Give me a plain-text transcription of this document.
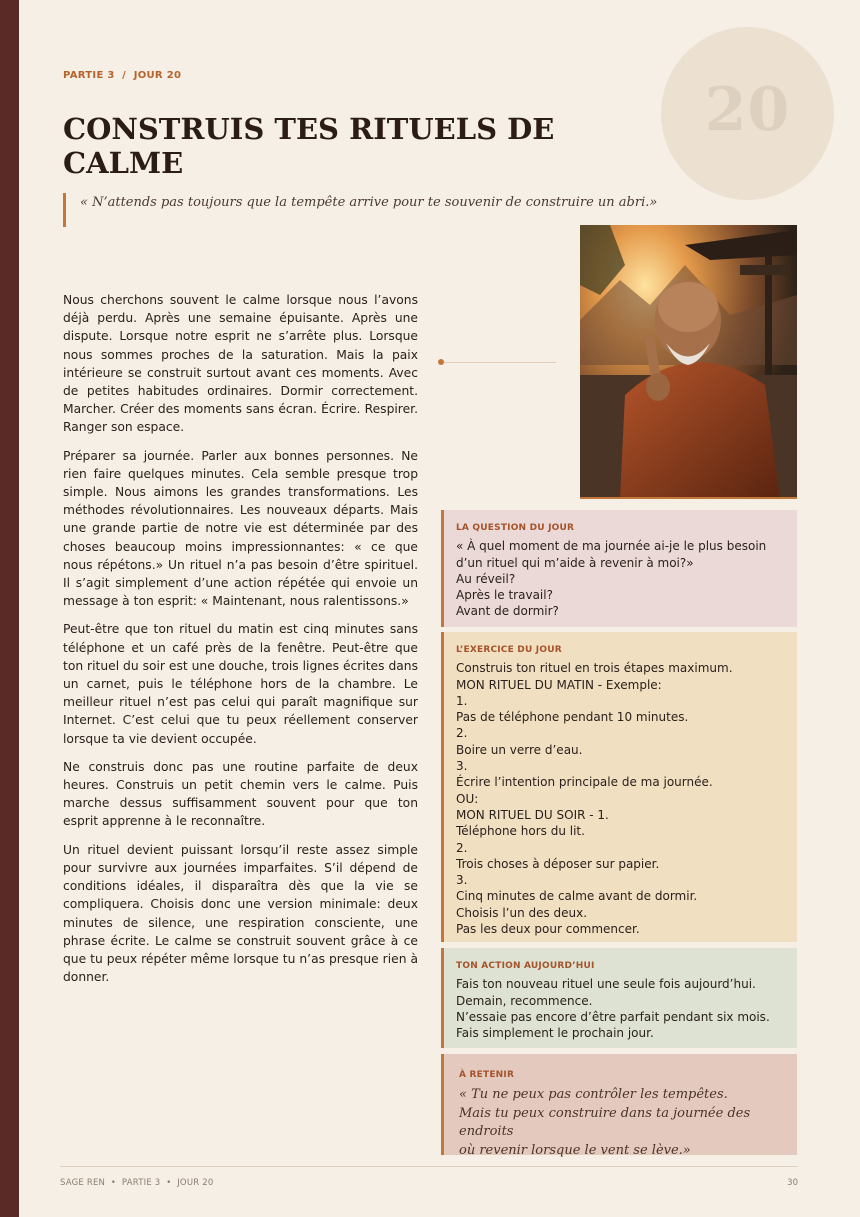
20
PARTIE 3  /  JOUR 20
CONSTRUIS TES RITUELS DE CALME
« N’attends pas toujours que la tempête arrive pour te souvenir de construire un abri.»

Nous cherchons souvent le calme lorsque nous l’avons déjà perdu. Après une semaine épuisante. Après une dispute. Lorsque notre esprit ne s’arrête plus. Lorsque nous sommes proches de la saturation. Mais la paix intérieure se construit surtout avant ces moments. Avec de petites habitudes ordinaires. Dormir correctement. Marcher. Créer des moments sans écran. Écrire. Respirer. Ranger son espace.

Préparer sa journée. Parler aux bonnes personnes. Ne rien faire quelques minutes. Cela semble presque trop simple. Nous aimons les grandes transformations. Les méthodes révolutionnaires. Les nouveaux départs. Mais une grande partie de notre vie est déterminée par des choses beaucoup moins impressionnantes: « ce que nous répétons.» Un rituel n’a pas besoin d’être spirituel. Il s’agit simplement d’une action répétée qui envoie un message à ton esprit: « Maintenant, nous ralentissons.»

Peut-être que ton rituel du matin est cinq minutes sans téléphone et un café près de la fenêtre. Peut-être que ton rituel du soir est une douche, trois lignes écrites dans un carnet, puis le téléphone hors de la chambre. Le meilleur rituel n’est pas celui qui paraît magnifique sur Internet. C’est celui que tu peux réellement conserver lorsque ta vie devient occupée.

Ne construis donc pas une routine parfaite de deux heures. Construis un petit chemin vers le calme. Puis marche dessus suffisamment souvent pour que ton esprit apprenne à le reconnaître.

Un rituel devient puissant lorsqu’il reste assez simple pour survivre aux journées imparfaites. S’il dépend de conditions idéales, il disparaîtra dès que la vie se compliquera. Choisis donc une version minimale: deux minutes de silence, une respiration consciente, une phrase écrite. Le calme se construit souvent grâce à ce que tu peux répéter même lorsque tu n’as presque rien à donner.

LA QUESTION DU JOUR
« À quel moment de ma journée ai-je le plus besoin d’un rituel qui m’aide à revenir à moi?»
Au réveil?
Après le travail?
Avant de dormir?
L’EXERCICE DU JOUR
Construis ton rituel en trois étapes maximum.
MON RITUEL DU MATIN - Exemple:
1.
Pas de téléphone pendant 10 minutes.
2.
Boire un verre d’eau.
3.
Écrire l’intention principale de ma journée.
OU:
MON RITUEL DU SOIR - 1.
Téléphone hors du lit.
2.
Trois choses à déposer sur papier.
3.
Cinq minutes de calme avant de dormir.
Choisis l’un des deux.
Pas les deux pour commencer.
TON ACTION AUJOURD’HUI
Fais ton nouveau rituel une seule fois aujourd’hui.
Demain, recommence.
N’essaie pas encore d’être parfait pendant six mois.
Fais simplement le prochain jour.
À RETENIR
« Tu ne peux pas contrôler les tempêtes.
Mais tu peux construire dans ta journée des endroits
où revenir lorsque le vent se lève.»
SAGE REN  •  PARTIE 3  •  JOUR 20	30
